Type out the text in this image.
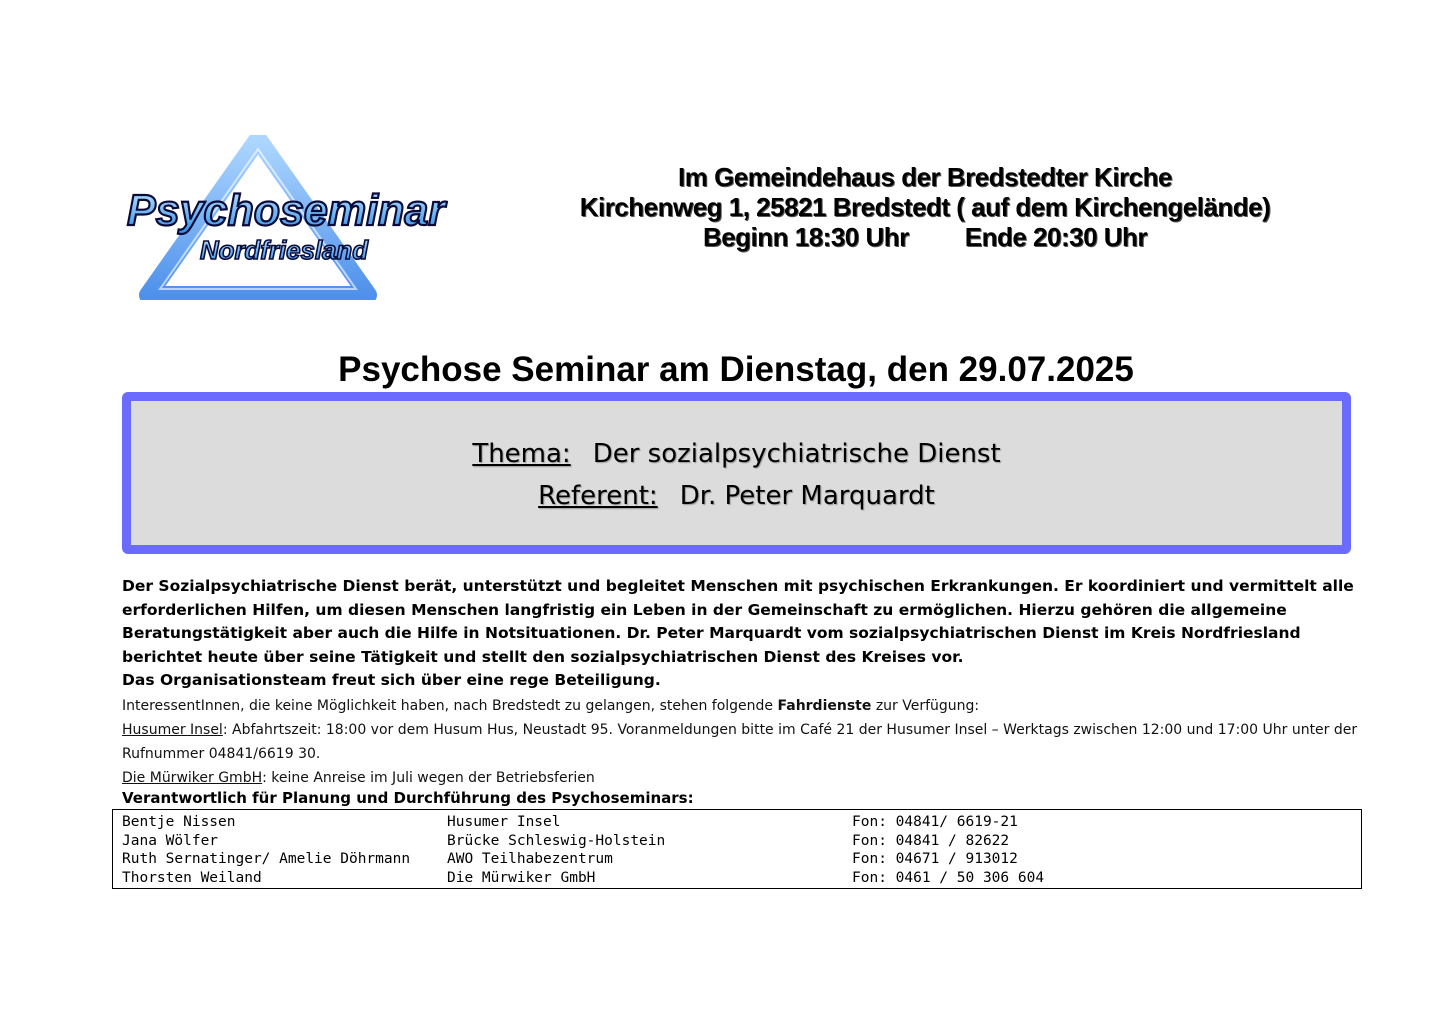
Psychoseminar
Nordfriesland
Im Gemeindehaus der Bredstedter Kirche
Kirchenweg 1, 25821 Bredstedt ( auf dem Kirchengelände)
Beginn 18:30 Uhr Ende 20:30 Uhr
Psychose Seminar am Dienstag, den 29.07.2025
Thema: Der sozialpsychiatrische Dienst
Referent: Dr. Peter Marquardt

Der Sozialpsychiatrische Dienst berät, unterstützt und begleitet Menschen mit psychischen Erkrankungen. Er koordiniert und vermittelt alle erforderlichen Hilfen, um diesen Menschen langfristig ein Leben in der Gemeinschaft zu ermöglichen. Hierzu gehören die allgemeine Beratungstätigkeit aber auch die Hilfe in Notsituationen. Dr. Peter Marquardt vom sozialpsychiatrischen Dienst im Kreis Nordfriesland berichtet heute über seine Tätigkeit und stellt den sozialpsychiatrischen Dienst des Kreises vor.

Das Organisationsteam freut sich über eine rege Beteiligung.

InteressentInnen, die keine Möglichkeit haben, nach Bredstedt zu gelangen, stehen folgende Fahrdienste zur Verfügung:

Husumer Insel: Abfahrtszeit: 18:00 vor dem Husum Hus, Neustadt 95. Voranmeldungen bitte im Café 21 der Husumer Insel – Werktags zwischen 12:00 und 17:00 Uhr unter der Rufnummer 04841/6619 30.

Die Mürwiker GmbH: keine Anreise im Juli wegen der Betriebsferien

Verantwortlich für Planung und Durchführung des Psychoseminars:
Bentje Nissen	Husumer Insel	Fon: 04841/ 6619-21
Jana Wölfer	Brücke Schleswig-Holstein	Fon: 04841 / 82622
Ruth Sernatinger/ Amelie Döhrmann	AWO Teilhabezentrum	Fon: 04671 / 913012
Thorsten Weiland	Die Mürwiker GmbH	Fon: 0461 / 50 306 604
